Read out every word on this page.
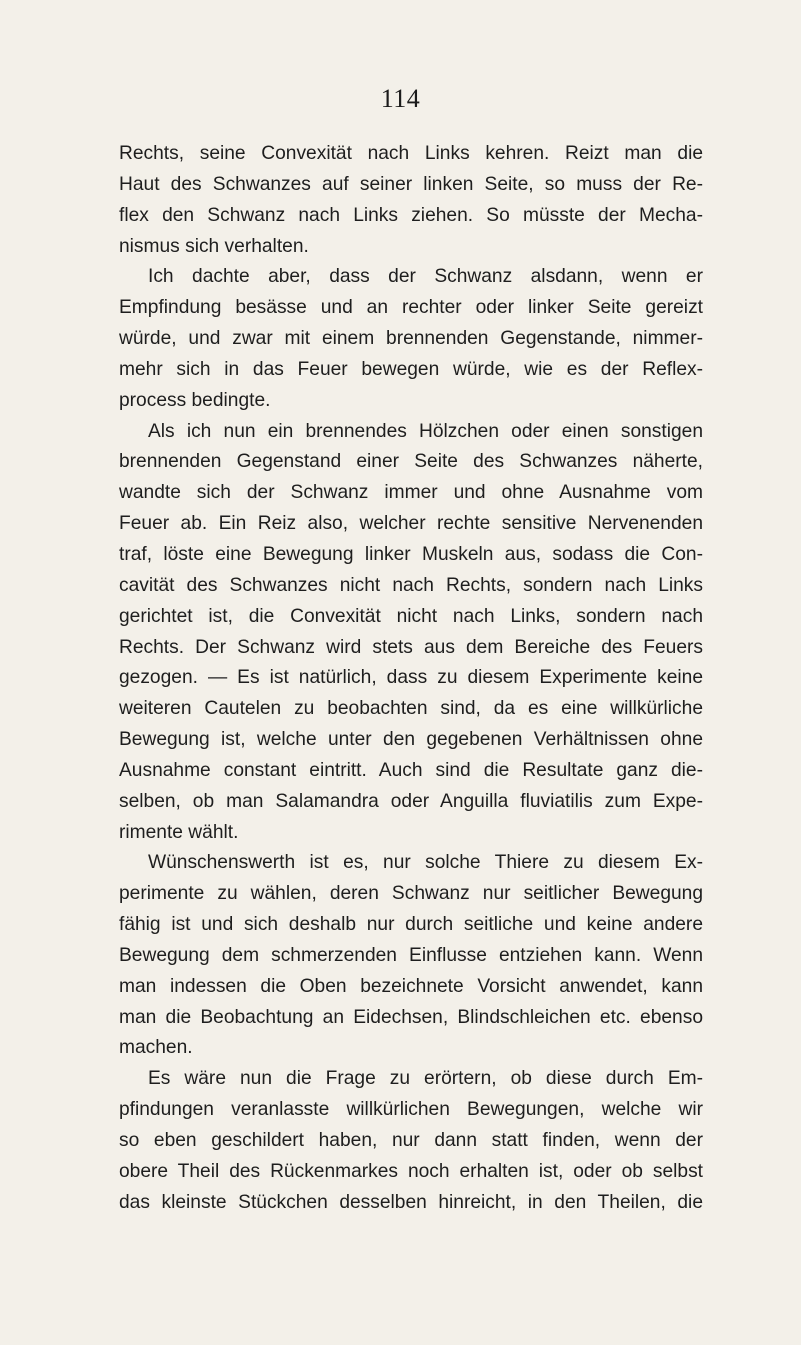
114
Rechts, seine Convexität nach Links kehren. Reizt man die
Haut des Schwanzes auf seiner linken Seite, so muss der Re-
flex den Schwanz nach Links ziehen. So müsste der Mecha-
nismus sich verhalten.
Ich dachte aber, dass der Schwanz alsdann, wenn er
Empfindung besässe und an rechter oder linker Seite gereizt
würde, und zwar mit einem brennenden Gegenstande, nimmer-
mehr sich in das Feuer bewegen würde, wie es der Reflex-
process bedingte.
Als ich nun ein brennendes Hölzchen oder einen sonstigen
brennenden Gegenstand einer Seite des Schwanzes näherte,
wandte sich der Schwanz immer und ohne Ausnahme vom
Feuer ab. Ein Reiz also, welcher rechte sensitive Nervenenden
traf, löste eine Bewegung linker Muskeln aus, sodass die Con-
cavität des Schwanzes nicht nach Rechts, sondern nach Links
gerichtet ist, die Convexität nicht nach Links, sondern nach
Rechts. Der Schwanz wird stets aus dem Bereiche des Feuers
gezogen. — Es ist natürlich, dass zu diesem Experimente keine
weiteren Cautelen zu beobachten sind, da es eine willkürliche
Bewegung ist, welche unter den gegebenen Verhältnissen ohne
Ausnahme constant eintritt. Auch sind die Resultate ganz die-
selben, ob man Salamandra oder Anguilla fluviatilis zum Expe-
rimente wählt.
Wünschenswerth ist es, nur solche Thiere zu diesem Ex-
perimente zu wählen, deren Schwanz nur seitlicher Bewegung
fähig ist und sich deshalb nur durch seitliche und keine andere
Bewegung dem schmerzenden Einflusse entziehen kann. Wenn
man indessen die Oben bezeichnete Vorsicht anwendet, kann
man die Beobachtung an Eidechsen, Blindschleichen etc. ebenso
machen.
Es wäre nun die Frage zu erörtern, ob diese durch Em-
pfindungen veranlasste willkürlichen Bewegungen, welche wir
so eben geschildert haben, nur dann statt finden, wenn der
obere Theil des Rückenmarkes noch erhalten ist, oder ob selbst
das kleinste Stückchen desselben hinreicht, in den Theilen, die
